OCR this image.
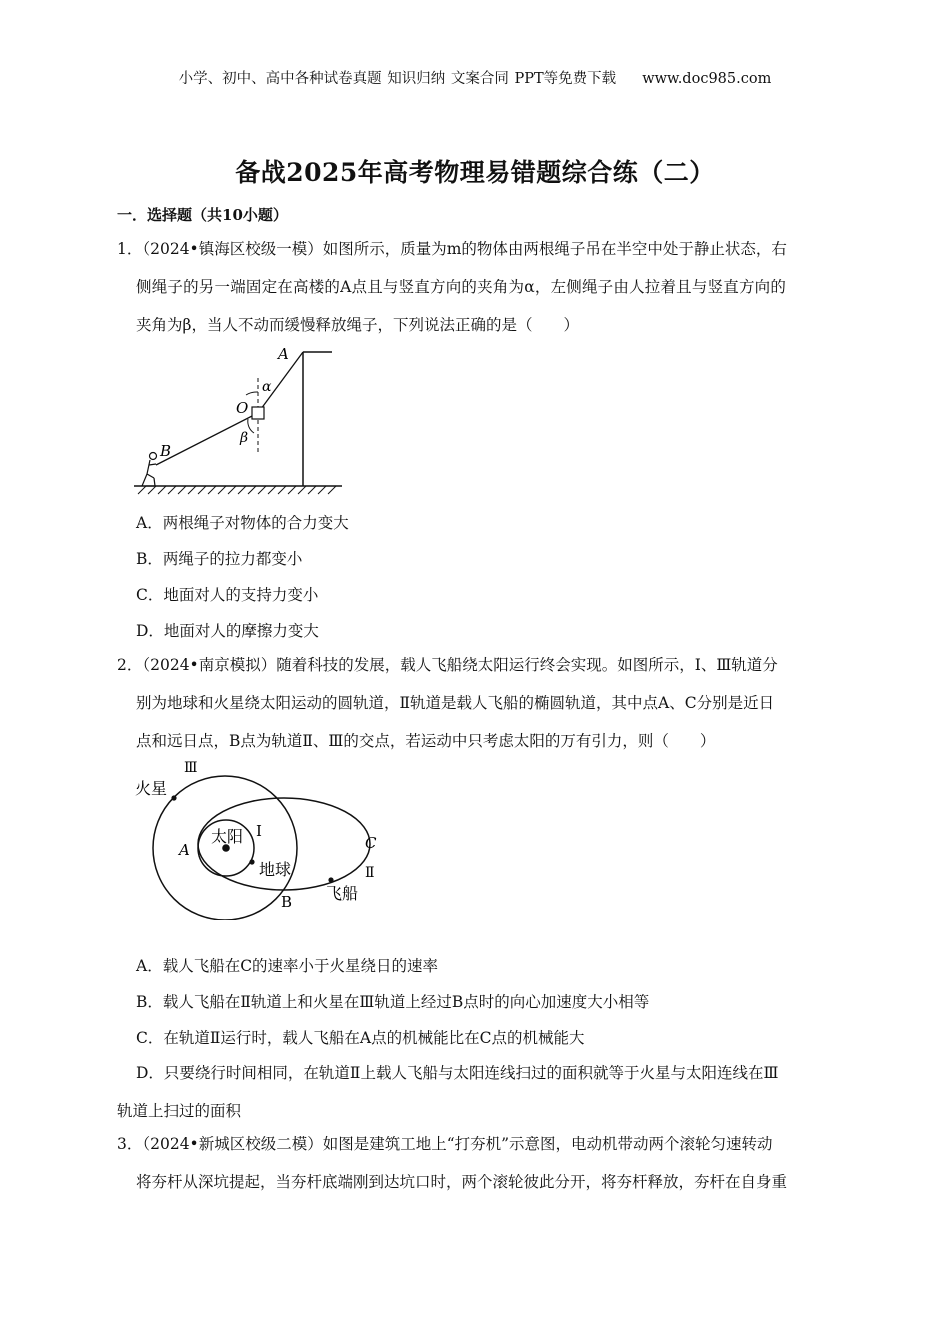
小学、初中、高中各种试卷真题 知识归纳 文案合同 PPT等免费下载 www.doc985.com
备战2025年高考物理易错题综合练（二）
一．选择题（共10小题）
1．（2024•镇海区校级一模）如图所示，质量为m的物体由两根绳子吊在半空中处于静止状态，右
侧绳子的另一端固定在高楼的A点且与竖直方向的夹角为α，左侧绳子由人拉着且与竖直方向的
夹角为β，当人不动而缓慢释放绳子，下列说法正确的是（　　）
A
α
O
β
B
A．两根绳子对物体的合力变大
B．两绳子的拉力都变小
C．地面对人的支持力变小
D．地面对人的摩擦力变大
2．（2024•南京模拟）随着科技的发展，载人飞船绕太阳运行终会实现。如图所示，Ⅰ、Ⅲ轨道分
别为地球和火星绕太阳运动的圆轨道，Ⅱ轨道是载人飞船的椭圆轨道，其中点A、C分别是近日
点和远日点，B点为轨道Ⅱ、Ⅲ的交点，若运动中只考虑太阳的万有引力，则（　　）
Ⅲ
火星
太阳 Ⅰ
A	C
地球	Ⅱ
飞船
B
A．载人飞船在C的速率小于火星绕日的速率
B．载人飞船在Ⅱ轨道上和火星在Ⅲ轨道上经过B点时的向心加速度大小相等
C．在轨道Ⅱ运行时，载人飞船在A点的机械能比在C点的机械能大
D．只要绕行时间相同，在轨道Ⅱ上载人飞船与太阳连线扫过的面积就等于火星与太阳连线在Ⅲ
轨道上扫过的面积
3．（2024•新城区校级二模）如图是建筑工地上“打夯机”示意图，电动机带动两个滚轮匀速转动
将夯杆从深坑提起，当夯杆底端刚到达坑口时，两个滚轮彼此分开，将夯杆释放，夯杆在自身重
